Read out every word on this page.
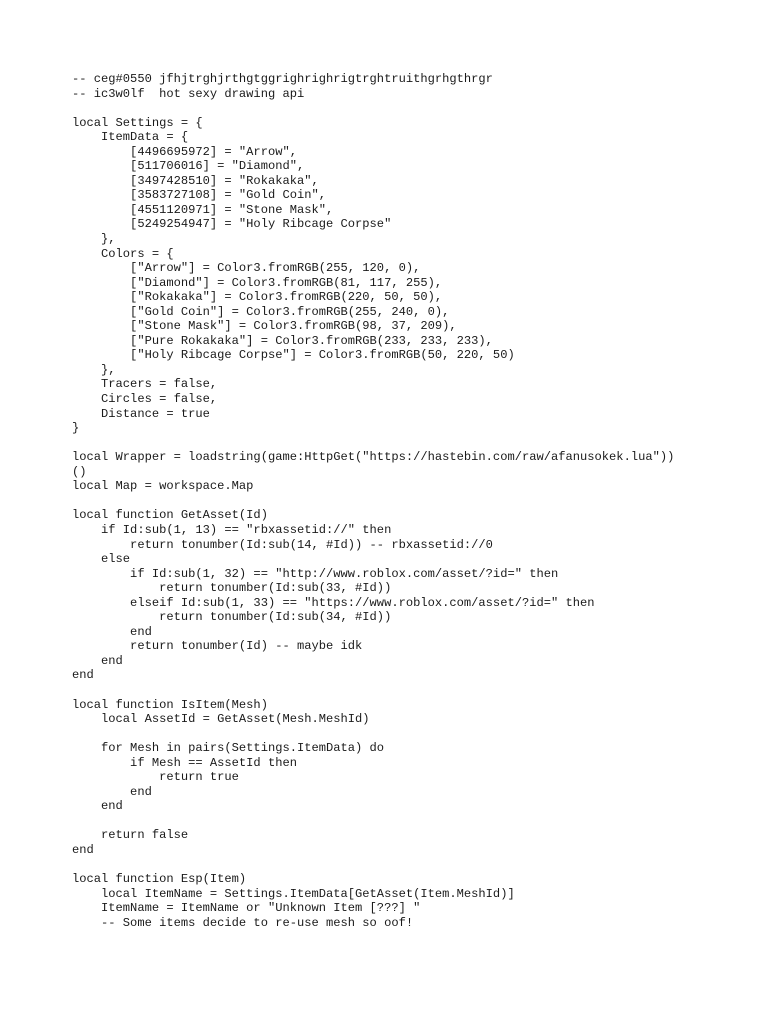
-- ceg#0550 jfhjtrghjrthgtggrighrighrigtrghtruithgrhgthrgr
-- ic3w0lf  hot sexy drawing api
local Settings = {
ItemData = {
[4496695972] = "Arrow",
[511706016] = "Diamond",
[3497428510] = "Rokakaka",
[3583727108] = "Gold Coin",
[4551120971] = "Stone Mask",
[5249254947] = "Holy Ribcage Corpse"
},
Colors = {
["Arrow"] = Color3.fromRGB(255, 120, 0),
["Diamond"] = Color3.fromRGB(81, 117, 255),
["Rokakaka"] = Color3.fromRGB(220, 50, 50),
["Gold Coin"] = Color3.fromRGB(255, 240, 0),
["Stone Mask"] = Color3.fromRGB(98, 37, 209),
["Pure Rokakaka"] = Color3.fromRGB(233, 233, 233),
["Holy Ribcage Corpse"] = Color3.fromRGB(50, 220, 50)
},
Tracers = false,
Circles = false,
Distance = true
}
local Wrapper = loadstring(game:HttpGet("https://hastebin.com/raw/afanusokek.lua"))
()
local Map = workspace.Map
local function GetAsset(Id)
if Id:sub(1, 13) == "rbxassetid://" then
return tonumber(Id:sub(14, #Id)) -- rbxassetid://0
else
if Id:sub(1, 32) == "http://www.roblox.com/asset/?id=" then
return tonumber(Id:sub(33, #Id))
elseif Id:sub(1, 33) == "https://www.roblox.com/asset/?id=" then
return tonumber(Id:sub(34, #Id))
end
return tonumber(Id) -- maybe idk
end
end
local function IsItem(Mesh)
local AssetId = GetAsset(Mesh.MeshId)
for Mesh in pairs(Settings.ItemData) do
if Mesh == AssetId then
return true
end
end
return false
end
local function Esp(Item)
local ItemName = Settings.ItemData[GetAsset(Item.MeshId)]
ItemName = ItemName or "Unknown Item [???] "
-- Some items decide to re-use mesh so oof!
